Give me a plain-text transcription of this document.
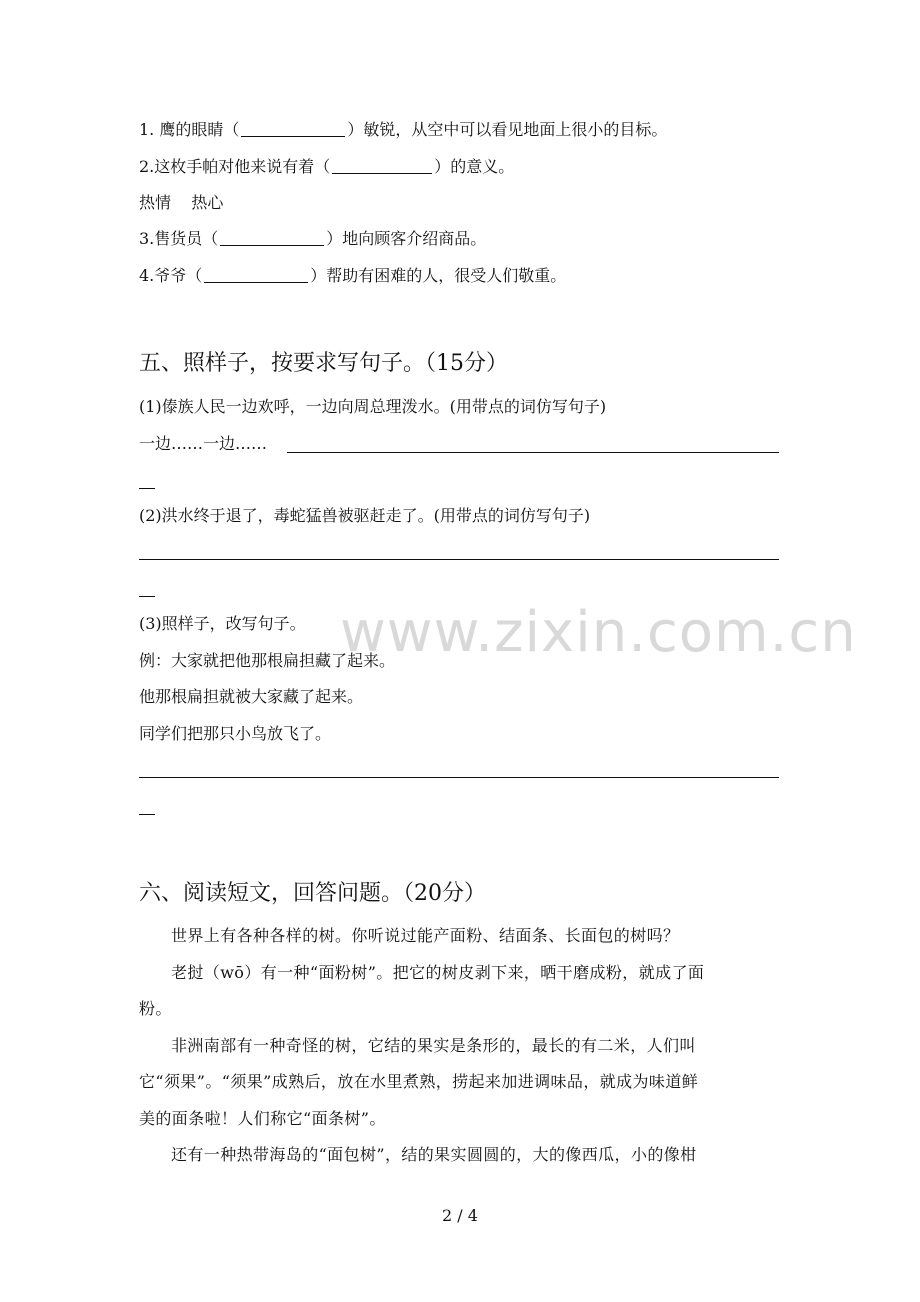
1. 鹰的眼睛（	）敏锐，从空中可以看见地面上很小的目标。
2.这枚手帕对他来说有着（	）的意义。
热情    热心
3.售货员（	）地向顾客介绍商品。
4.爷爷（	）帮助有困难的人，很受人们敬重。
五、照样子，按要求写句子。（15分）
(1)傣族人民一边欢呼，一边向周总理泼水。(用带点的词仿写句子)
一边……一边……
(2)洪水终于退了，毒蛇猛兽被驱赶走了。(用带点的词仿写句子)
(3)照样子，改写句子。
例：大家就把他那根扁担藏了起来。
他那根扁担就被大家藏了起来。
同学们把那只小鸟放飞了。
www.zixin.com.cn
六、阅读短文，回答问题。（20分）
世界上有各种各样的树。你听说过能产面粉、结面条、长面包的树吗？
老挝（wō）有一种“面粉树”。把它的树皮剥下来，晒干磨成粉，就成了面
粉。
非洲南部有一种奇怪的树，它结的果实是条形的，最长的有二米，人们叫
它“须果”。“须果”成熟后，放在水里煮熟，捞起来加进调味品，就成为味道鲜
美的面条啦！人们称它“面条树”。
还有一种热带海岛的“面包树”，结的果实圆圆的，大的像西瓜，小的像柑
2 / 4
